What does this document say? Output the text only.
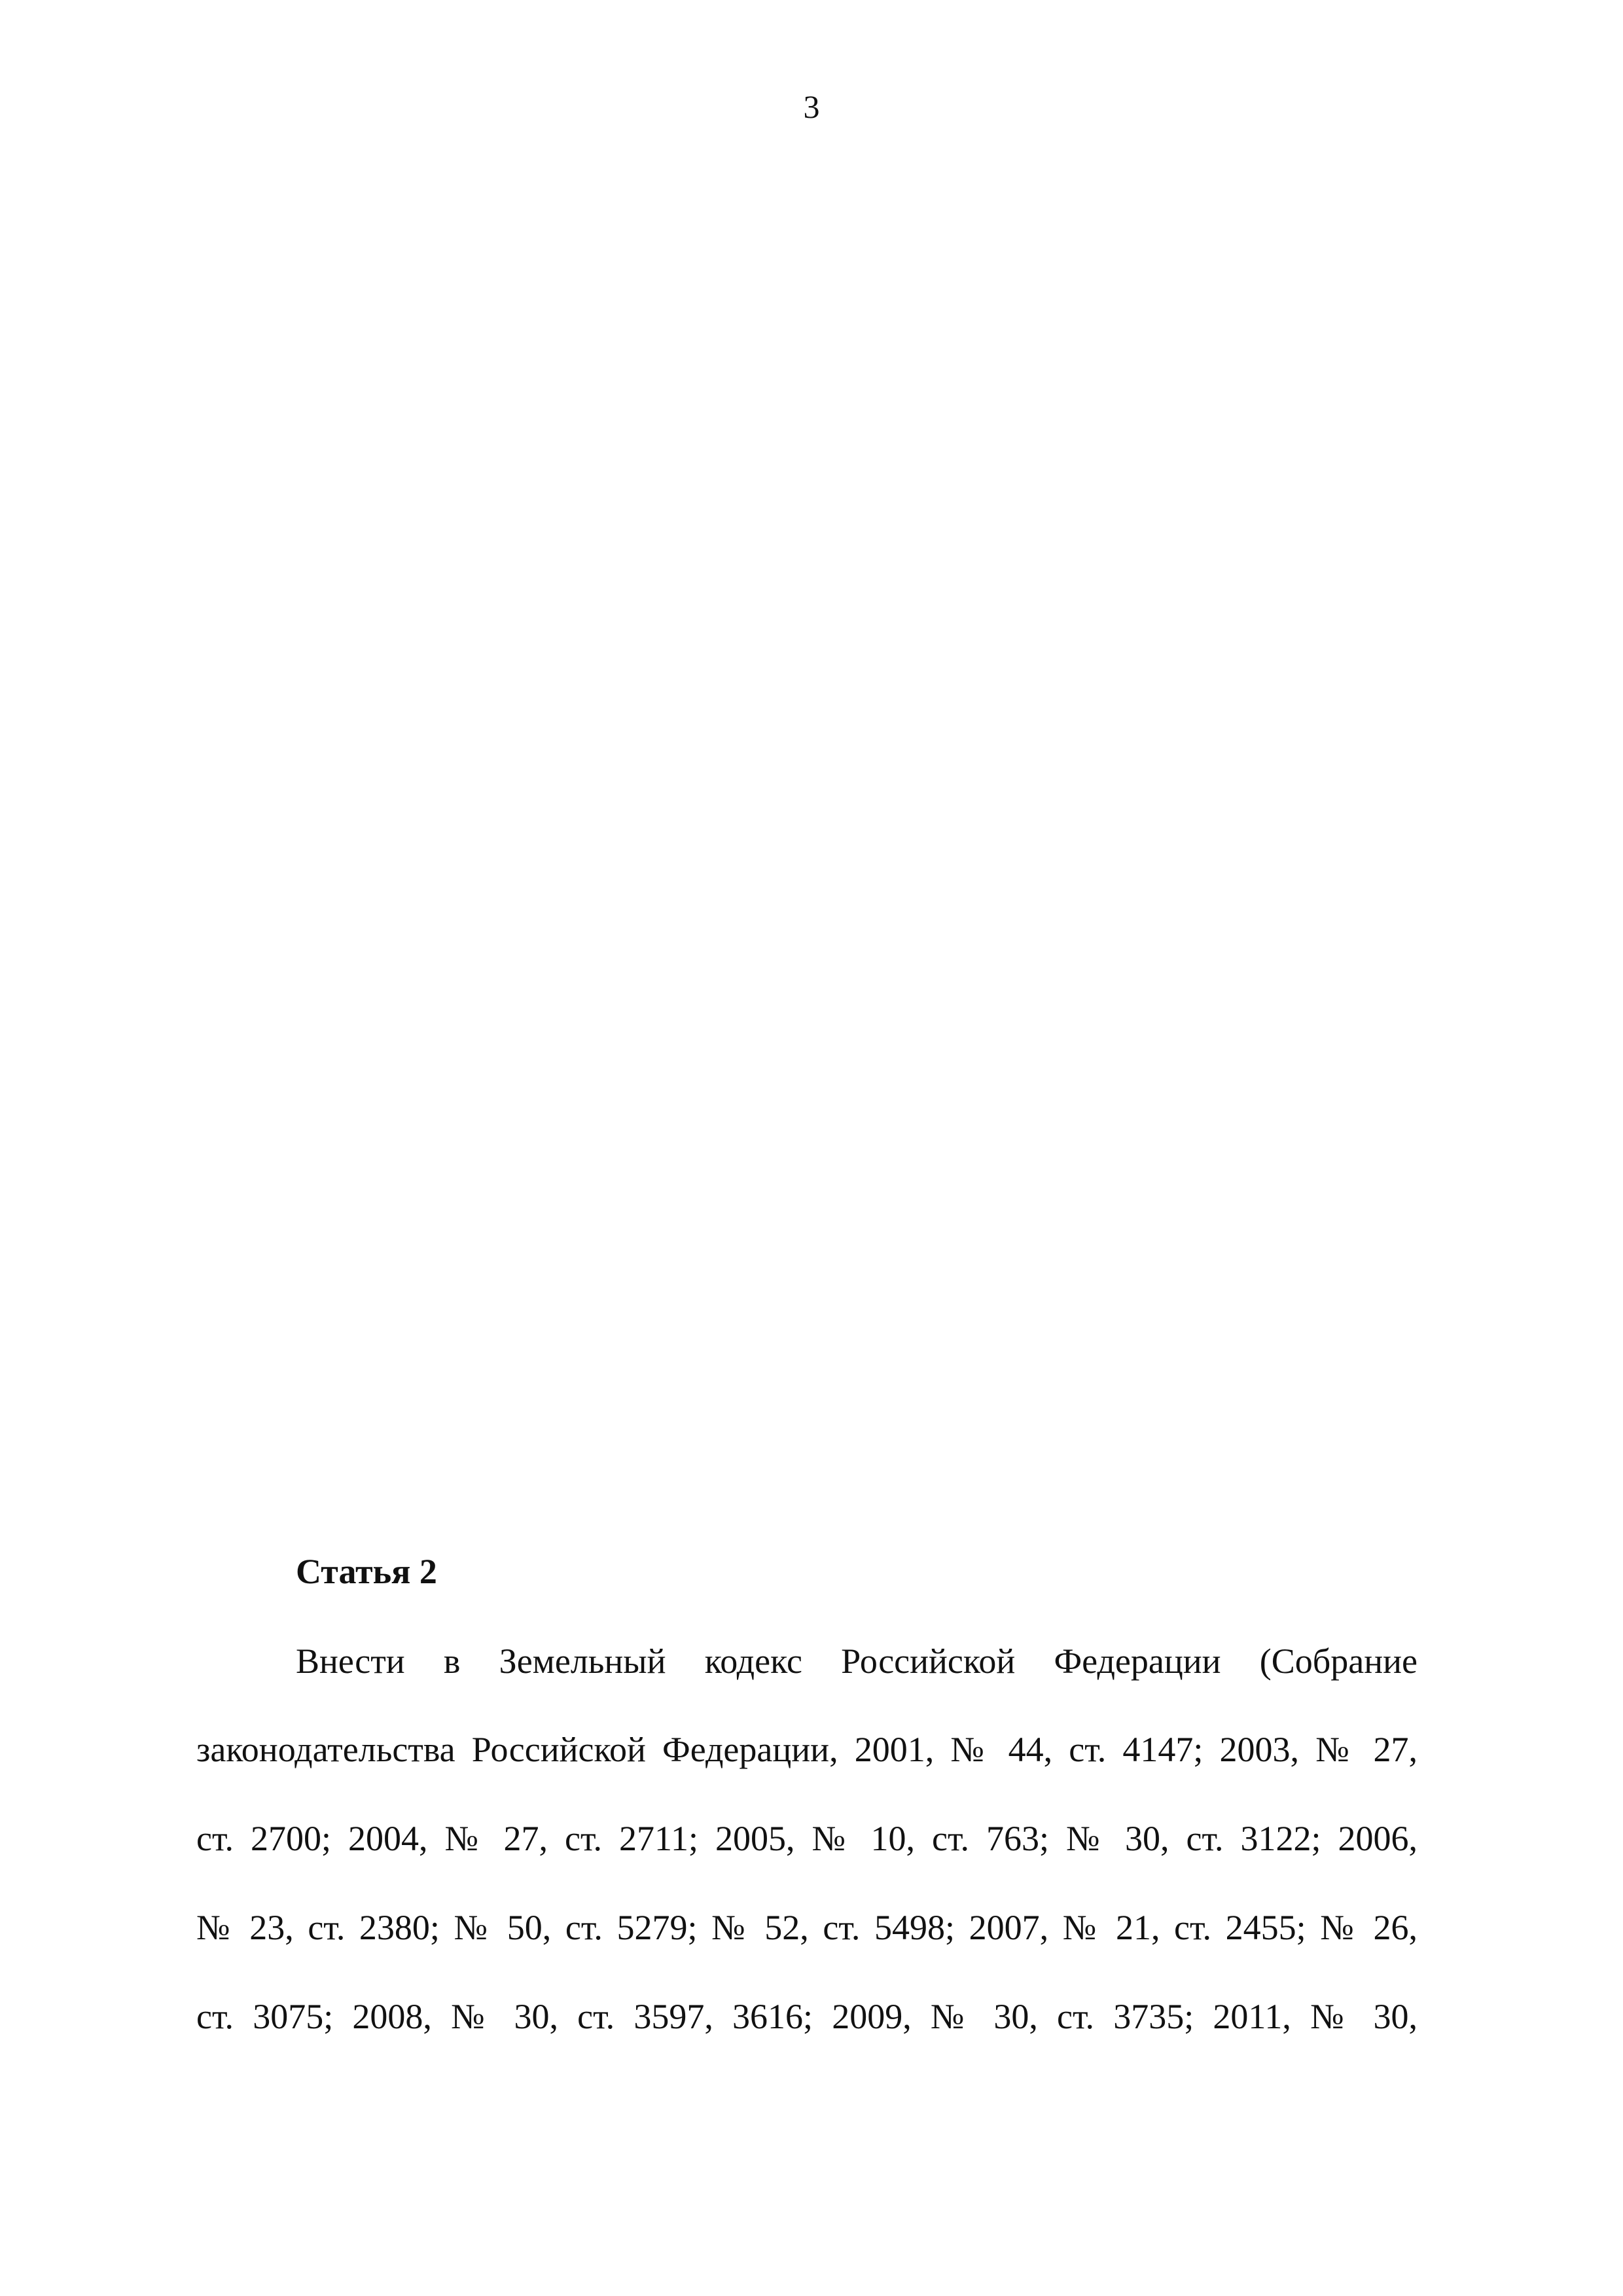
3
Статья 2
Внести в Земельный кодекс Российской Федерации (Собрание
законодательства Российской Федерации, 2001, № 44, ст. 4147; 2003, № 27,
ст. 2700; 2004, № 27, ст. 2711; 2005, № 10, ст. 763; № 30, ст. 3122; 2006,
№ 23, ст. 2380; № 50, ст. 5279; № 52, ст. 5498; 2007, № 21, ст. 2455; № 26,
ст. 3075; 2008, № 30, ст. 3597, 3616; 2009, № 30, ст. 3735; 2011, № 30,
